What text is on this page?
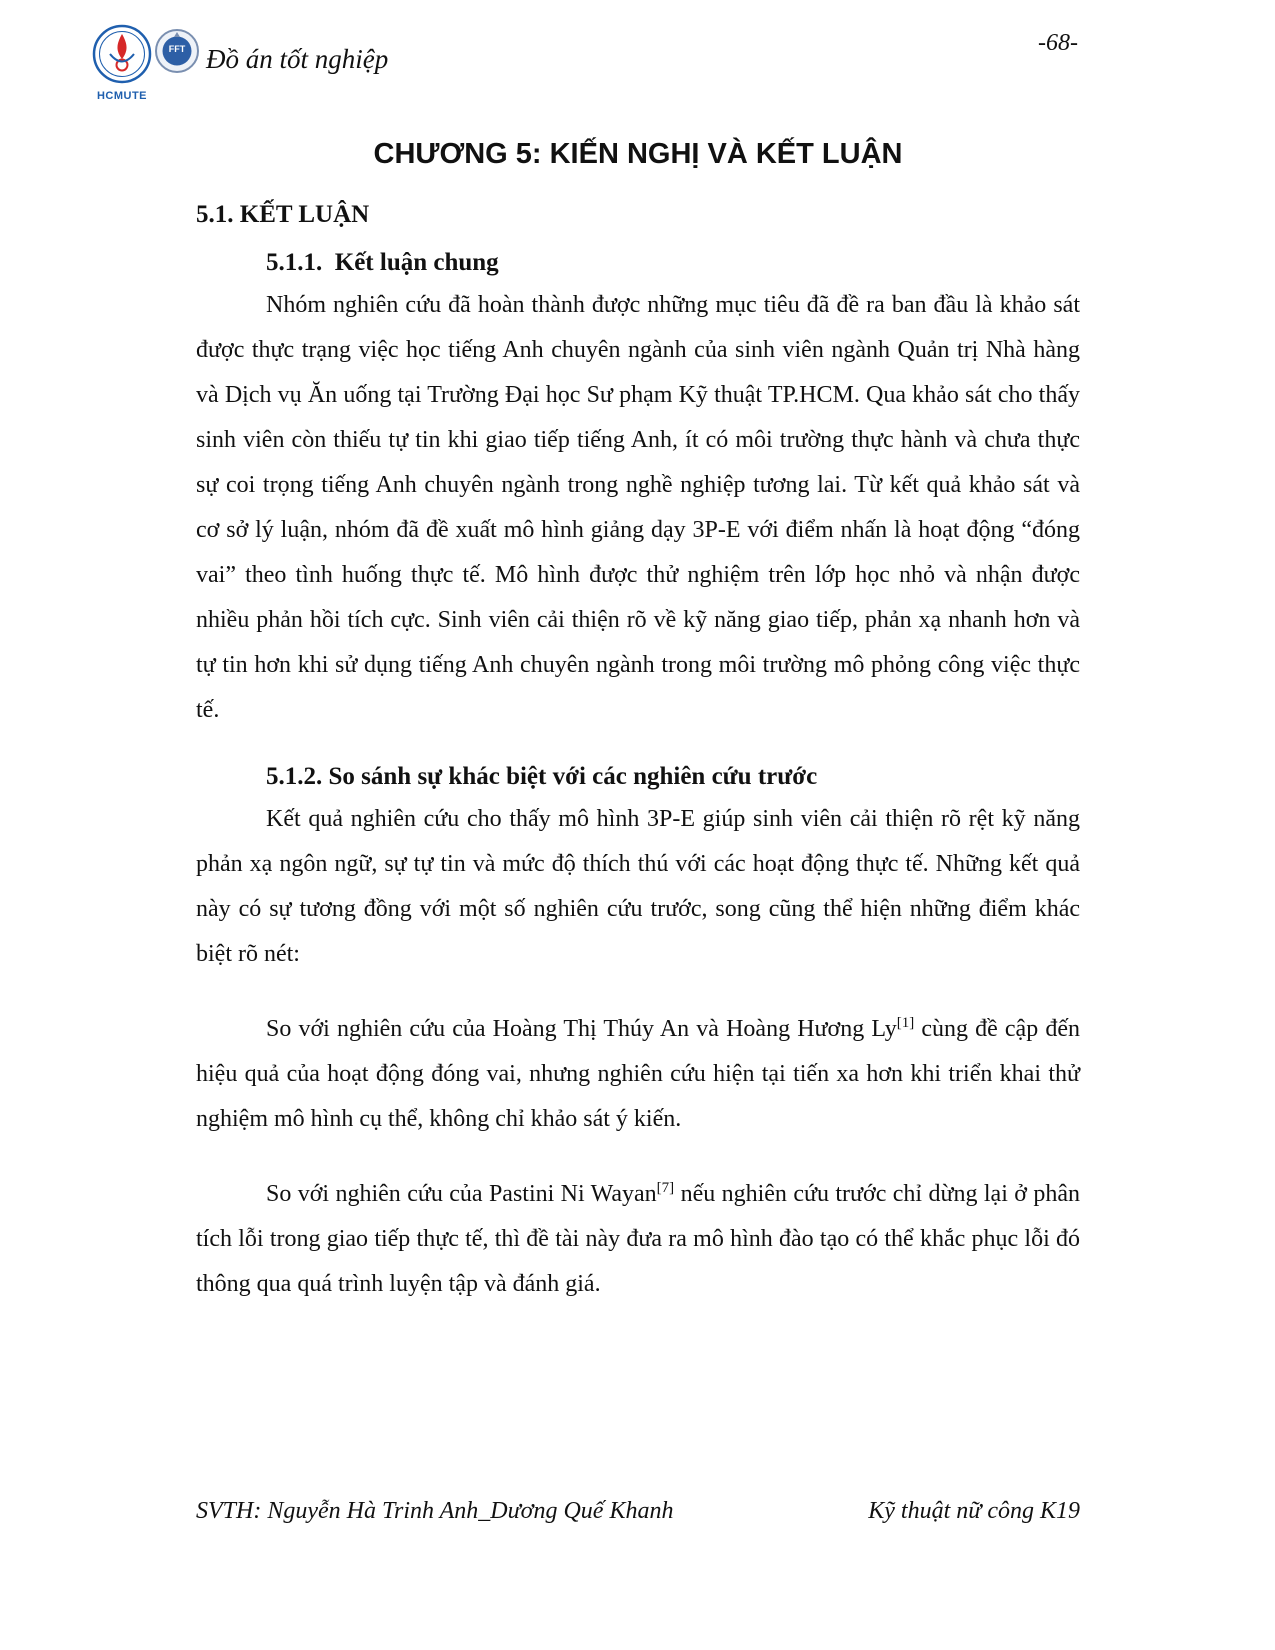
HCMUTE
FFT Đồ án tốt nghiệp
-68-
CHƯƠNG 5: KIẾN NGHỊ VÀ KẾT LUẬN
5.1. KẾT LUẬN
5.1.1.  Kết luận chung

Nhóm nghiên cứu đã hoàn thành được những mục tiêu đã đề ra ban đầu là khảo sát được thực trạng việc học tiếng Anh chuyên ngành của sinh viên ngành Quản trị Nhà hàng và Dịch vụ Ăn uống tại Trường Đại học Sư phạm Kỹ thuật TP.HCM. Qua khảo sát cho thấy sinh viên còn thiếu tự tin khi giao tiếp tiếng Anh, ít có môi trường thực hành và chưa thực sự coi trọng tiếng Anh chuyên ngành trong nghề nghiệp tương lai. Từ kết quả khảo sát và cơ sở lý luận, nhóm đã đề xuất mô hình giảng dạy 3P-E với điểm nhấn là hoạt động “đóng vai” theo tình huống thực tế. Mô hình được thử nghiệm trên lớp học nhỏ và nhận được nhiều phản hồi tích cực. Sinh viên cải thiện rõ về kỹ năng giao tiếp, phản xạ nhanh hơn và tự tin hơn khi sử dụng tiếng Anh chuyên ngành trong môi trường mô phỏng công việc thực tế.

5.1.2. So sánh sự khác biệt với các nghiên cứu trước

Kết quả nghiên cứu cho thấy mô hình 3P-E giúp sinh viên cải thiện rõ rệt kỹ năng phản xạ ngôn ngữ, sự tự tin và mức độ thích thú với các hoạt động thực tế. Những kết quả này có sự tương đồng với một số nghiên cứu trước, song cũng thể hiện những điểm khác biệt rõ nét:

So với nghiên cứu của Hoàng Thị Thúy An và Hoàng Hương Ly[1] cùng đề cập đến hiệu quả của hoạt động đóng vai, nhưng nghiên cứu hiện tại tiến xa hơn khi triển khai thử nghiệm mô hình cụ thể, không chỉ khảo sát ý kiến.

So với nghiên cứu của Pastini Ni Wayan[7] nếu nghiên cứu trước chỉ dừng lại ở phân tích lỗi trong giao tiếp thực tế, thì đề tài này đưa ra mô hình đào tạo có thể khắc phục lỗi đó thông qua quá trình luyện tập và đánh giá.

SVTH: Nguyễn Hà Trinh Anh_Dương Quế Khanh	Kỹ thuật nữ công K19
